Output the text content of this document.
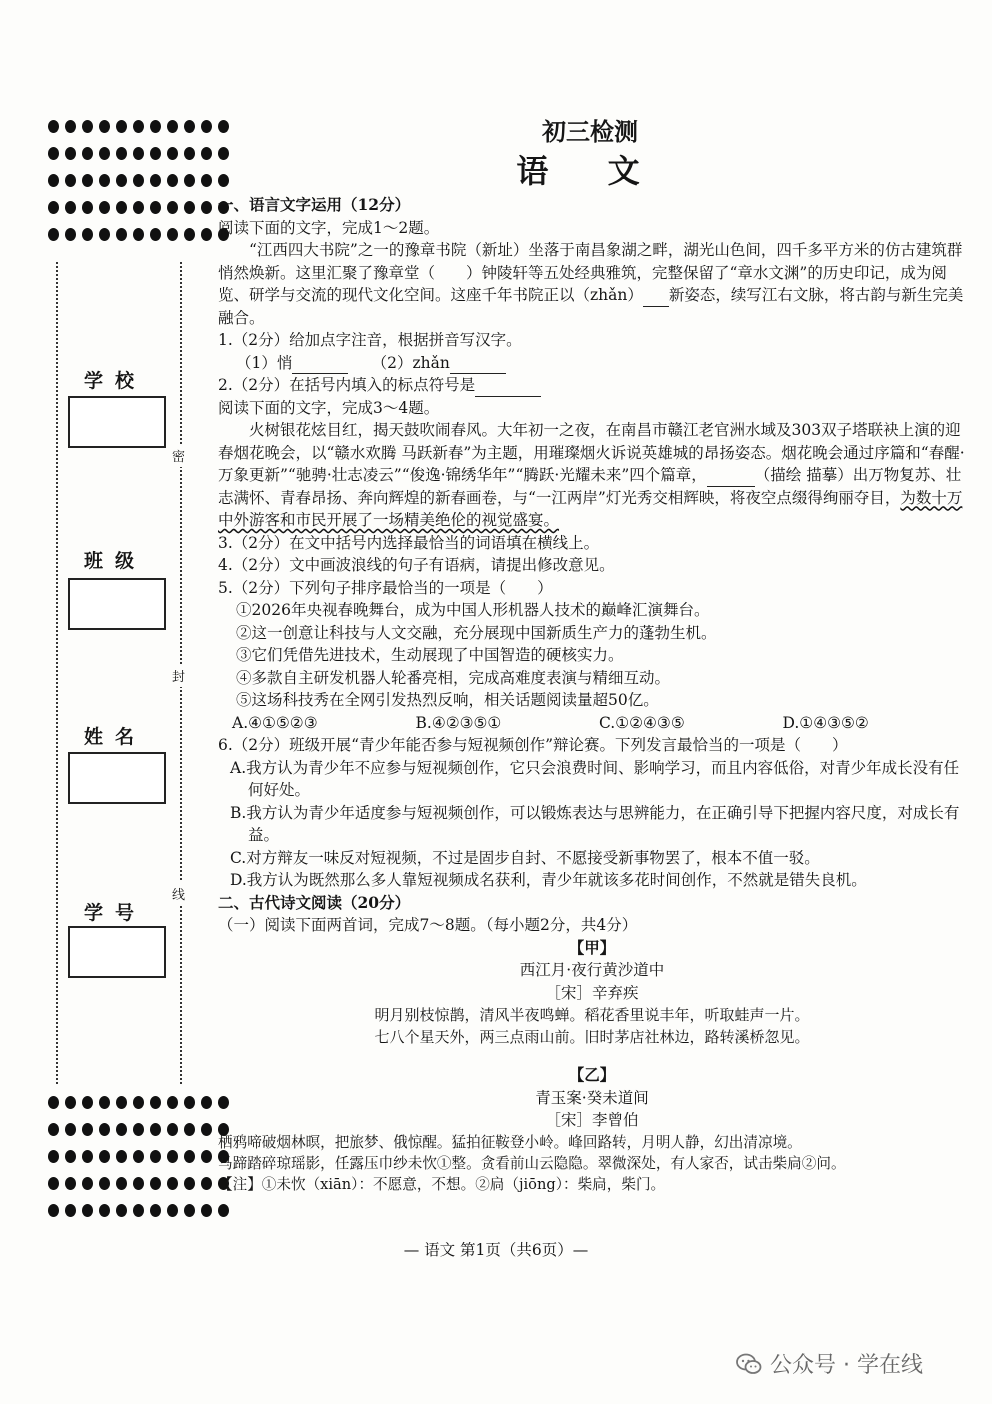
密
封
线
学校
班级
姓名
学号
初三检测
语 文

一、语言文字运用（12分）

阅读下面的文字，完成1～2题。

“江西四大书院”之一的豫章书院（新址）坐落于南昌象湖之畔，湖光山色间，四千多平方米的仿古建筑群悄然焕新。这里汇聚了豫章堂（　　）钟陵轩等五处经典雅筑，完整保留了“章水文渊”的历史印记，成为阅览、研学与交流的现代文化空间。这座千年书院正以（zhǎn） 新姿态，续写江右文脉，将古韵与新生完美融合。

1.（2分）给加点字注音，根据拼音写汉字。

（1）悄　　	（2）zhǎn

2.（2分）在括号内填入的标点符号是

阅读下面的文字，完成3～4题。

火树银花炫目红，揭天鼓吹闹春风。大年初一之夜，在南昌市赣江老官洲水域及303双子塔联袂上演的迎春烟花晚会，以“赣水欢腾 马跃新春”为主题，用璀璨烟火诉说英雄城的昂扬姿态。烟花晚会通过序篇和“春醒·万象更新”“驰骋·壮志凌云”“俊逸·锦绣华年”“腾跃·光耀未来”四个篇章，	（描绘 描摹）出万物复苏、壮志满怀、青春昂扬、奔向辉煌的新春画卷，与“一江两岸”灯光秀交相辉映，将夜空点缀得绚丽夺目，为数十万中外游客和市民开展了一场精美绝伦的视觉盛宴。

3.（2分）在文中括号内选择最恰当的词语填在横线上。

4.（2分）文中画波浪线的句子有语病，请提出修改意见。

5.（2分）下列句子排序最恰当的一项是（　　）

①2026年央视春晚舞台，成为中国人形机器人技术的巅峰汇演舞台。

②这一创意让科技与人文交融，充分展现中国新质生产力的蓬勃生机。

③它们凭借先进技术，生动展现了中国智造的硬核实力。

④多款自主研发机器人轮番亮相，完成高难度表演与精细互动。

⑤这场科技秀在全网引发热烈反响，相关话题阅读量超50亿。

A.④①⑤②③	B.④②③⑤①	C.①②④③⑤	D.①④③⑤②

6.（2分）班级开展“青少年能否参与短视频创作”辩论赛。下列发言最恰当的一项是（　　）

A.我方认为青少年不应参与短视频创作，它只会浪费时间、影响学习，而且内容低俗，对青少年成长没有任何好处。

B.我方认为青少年适度参与短视频创作，可以锻炼表达与思辨能力，在正确引导下把握内容尺度，对成长有益。

C.对方辩友一味反对短视频，不过是固步自封、不愿接受新事物罢了，根本不值一驳。

D.我方认为既然那么多人靠短视频成名获利，青少年就该多花时间创作，不然就是错失良机。

二、古代诗文阅读（20分）

（一）阅读下面两首词，完成7～8题。（每小题2分，共4分）

【甲】

西江月·夜行黄沙道中

［宋］辛弃疾

明月别枝惊鹊，清风半夜鸣蝉。稻花香里说丰年，听取蛙声一片。

七八个星天外，两三点雨山前。旧时茅店社林边，路转溪桥忽见。

【乙】

青玉案·癸未道间

［宋］李曾伯

栖鸦啼破烟林暝，把旅梦、俄惊醒。猛拍征鞍登小岭。峰回路转，月明人静，幻出清凉境。

马蹄踏碎琼瑶影，任露压巾纱未忺①整。贪看前山云隐隐。翠微深处，有人家否，试击柴扃②问。

【注】①未忺（xiān）：不愿意，不想。②扃（jiōng）：柴扃，柴门。

— 语文 第1页（共6页）—
公众号 · 学在线
